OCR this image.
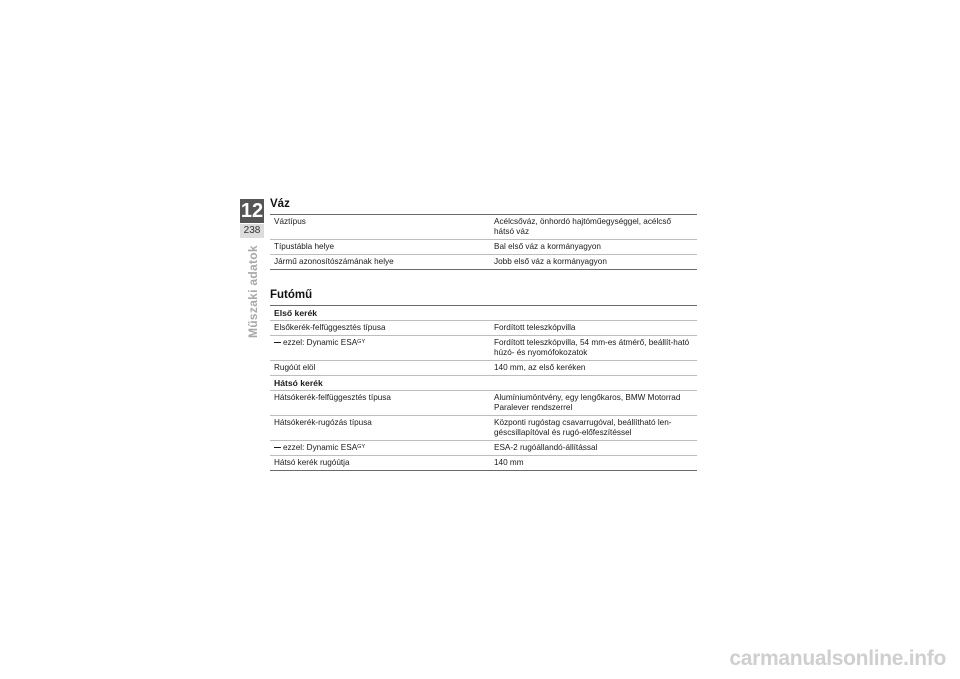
12
238
Műszaki adatok
Váz
Váztípus	Acélcsőváz, önhordó hajtóműegységgel, acélcső hátsó váz
Típustábla helye	Bal első váz a kormányagyon
Jármű azonosítószámának helye	Jobb első váz a kormányagyon
Futómű
Első kerék	
Elsőkerék-felfüggesztés típusa	Fordított teleszkópvilla
ezzel: Dynamic $ESA^{GY}$	Fordított teleszkópvilla, 54 mm-es átmérő, beállít-ható húzó- és nyomófokozatok
Rugóút elöl	140 mm, az első keréken
Hátsó kerék	
Hátsókerék-felfüggesztés típusa	Alumíniumöntvény, egy lengőkaros, BMW Motorrad Paralever rendszerrel
Hátsókerék-rugózás típusa	Központi rugóstag csavarrugóval, beállítható len-géscsillapítóval és rugó-előfeszítéssel
ezzel: Dynamic $ESA^{GY}$	ESA-2 rugóállandó-állítással
Hátsó kerék rugóútja	140 mm
carmanualsonline.info
